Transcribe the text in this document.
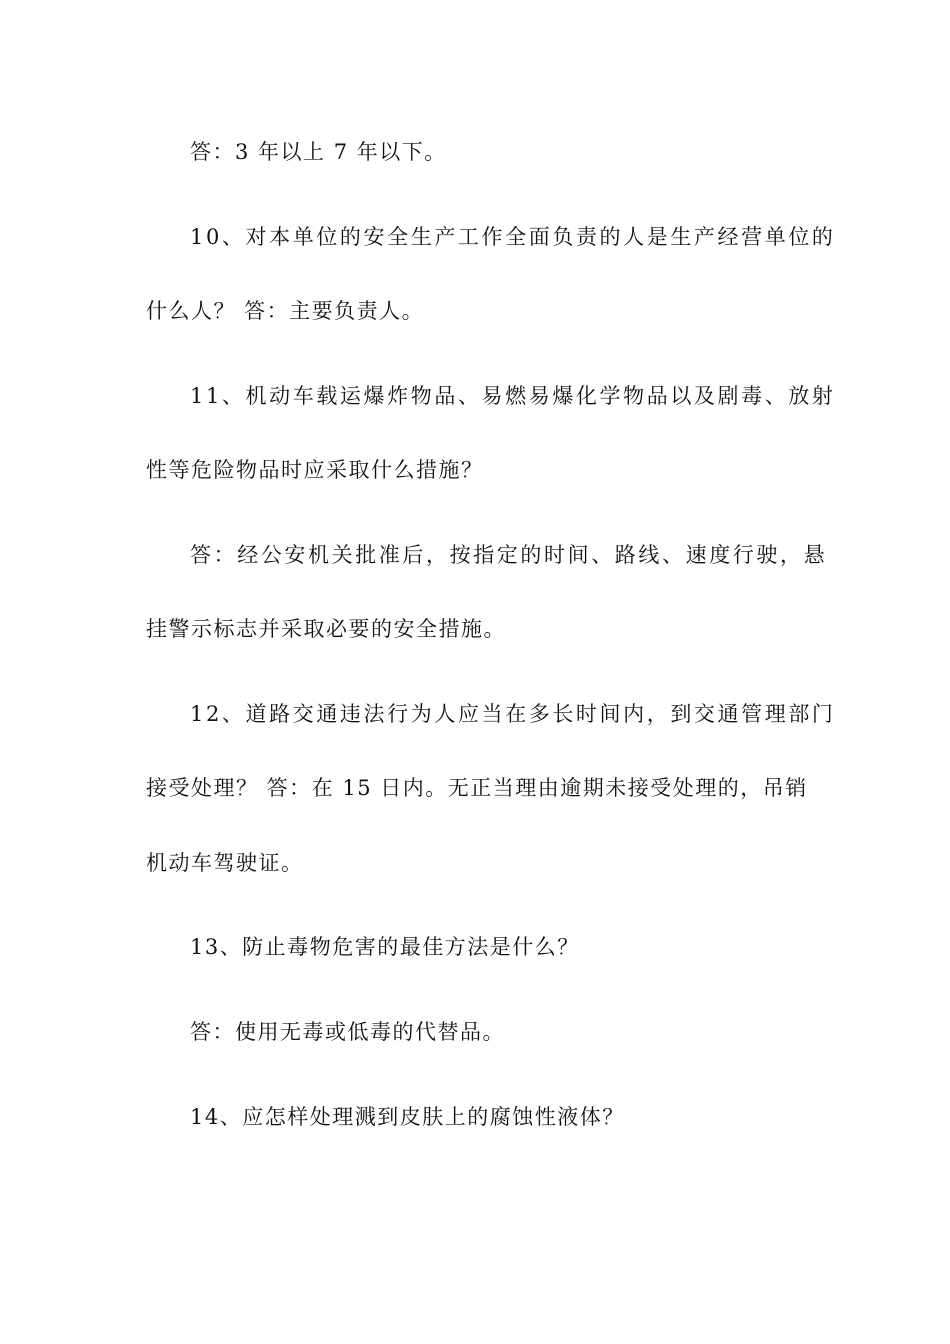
答：3 年以上 7 年以下。
10、对本单位的安全生产工作全面负责的人是生产经营单位的
什么人？ 答：主要负责人。
11、机动车载运爆炸物品、易燃易爆化学物品以及剧毒、放射
性等危险物品时应采取什么措施？
答：经公安机关批准后，按指定的时间、路线、速度行驶，悬
挂警示标志并采取必要的安全措施。
12、道路交通违法行为人应当在多长时间内，到交通管理部门
接受处理？ 答：在 15 日内。无正当理由逾期未接受处理的，吊销
机动车驾驶证。
13、防止毒物危害的最佳方法是什么？
答：使用无毒或低毒的代替品。
14、应怎样处理溅到皮肤上的腐蚀性液体？
